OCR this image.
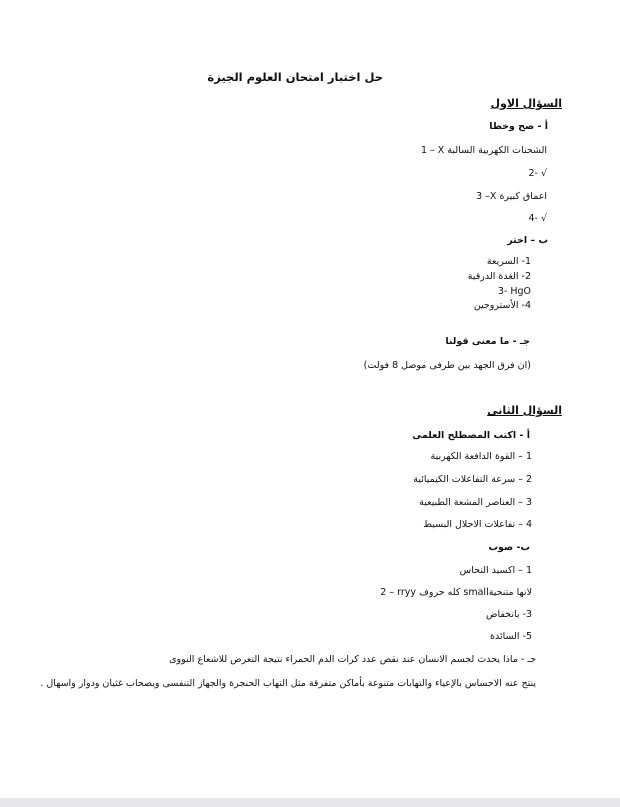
حل اختبار امتحان العلوم الجيزة
السؤال الاول
أ - صح وخطا
1 – X الشحنات الكهربية السالبة
2- √
3 –X اعماق كبيرة
4- √
ب – اختر
1- السريعة
2- الغدة الدرقية
3- HgO
4- الأستروجين
جـ - ما معنى قولنا
(ان فرق الجهد بين طرفى موصل 8 فولت)
السؤال الثانى
أ - اكتب المصطلح العلمى
1 – القوة الدافعة الكهربية
2 – سرعة التفاعلات الكيميائية
3 – العناصر المشعة الطبيعية
4 – تفاعلات الاحلال البسيط
ب- صوب
1 – اكسيد النحاس
2 – rryy كله حروف smallلانها متنحية
3- بانخفاض
5- السائدة
جـ - ماذا يحدث لجسم الانسان عند نقص عدد كرات الدم الحمراء نتيجة التعرض للاشعاع النووى
ينتج عنه الاحساس بالإعياء والتهابات متنوعة بأماكن متفرقة مثل التهاب الحنجرة والجهاز التنفسى ويصحاب غثيان ودوار واسهال .
